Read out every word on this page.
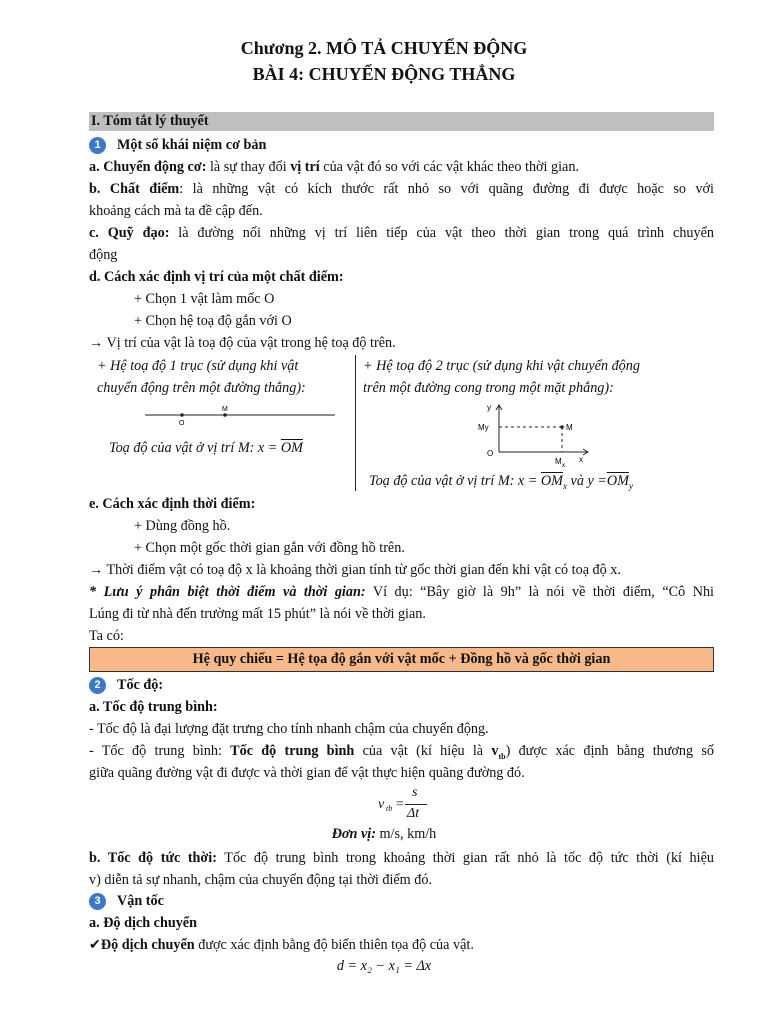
Chương 2. MÔ TẢ CHUYỂN ĐỘNG
BÀI 4: CHUYỂN ĐỘNG THẲNG
I. Tóm tắt lý thuyết
1	Một số khái niệm cơ bản
a. Chuyển động cơ: là sự thay đổi vị trí của vật đó so với các vật khác theo thời gian.
b. Chất điểm: là những vật có kích thước rất nhỏ so với quãng đường đi được hoặc so với
khoảng cách mà ta đề cập đến.
c. Quỹ đạo: là đường nối những vị trí liên tiếp của vật theo thời gian trong quá trình chuyển
động
d. Cách xác định vị trí của một chất điểm:
+ Chọn 1 vật làm mốc O
+ Chọn hệ toạ độ gắn với O
→ Vị trí của vật là toạ độ của vật trong hệ toạ độ trên.
+ Hệ toạ độ 1 trục (sử dụng khi vật
chuyển động trên một đường thẳng):
O
M
Toạ độ của vật ở vị trí M: $x = \overline{OM}$
+ Hệ toạ độ 2 trục (sử dụng khi vật chuyển động
trên một đường cong trong một mặt phẳng):
y
x
My	M
O
M x
Toạ độ của vật ở vị trí M: $x = \overline{OM}_x$ và $y =\overline{OM}_y$
e. Cách xác định thời điểm:
+ Dùng đồng hồ.
+ Chọn một gốc thời gian gắn với đồng hồ trên.
→ Thời điểm vật có toạ độ x là khoảng thời gian tính từ gốc thời gian đến khi vật có toạ độ x.
* Lưu ý phân biệt thời điểm và thời gian: Ví dụ: “Bây giờ là 9h” là nói về thời điểm, “Cô Nhi
Lúng đi từ nhà đến trường mất 15 phút” là nói về thời gian.
Ta có:
Hệ quy chiếu = Hệ tọa độ gắn với vật mốc + Đồng hồ và gốc thời gian
2	Tốc độ:
a. Tốc độ trung bình:
- Tốc độ là đại lượng đặt trưng cho tính nhanh chậm của chuyển động.
- Tốc độ trung bình: Tốc độ trung bình của vật (kí hiệu là $v_{tb}$) được xác định bằng thương số
giữa quãng đường vật đi được và thời gian để vật thực hiện quãng đường đó.
v tb =
s
Δt
Đơn vị: m/s, km/h
b. Tốc độ tức thời: Tốc độ trung bình trong khoảng thời gian rất nhỏ là tốc độ tức thời (kí hiệu
v) diễn tả sự nhanh, chậm của chuyển động tại thời điểm đó.
3	Vận tốc
a. Độ dịch chuyển
✔Độ dịch chuyển được xác định bằng độ biến thiên tọa độ của vật.
d = x₂ − x₁ = Δx
